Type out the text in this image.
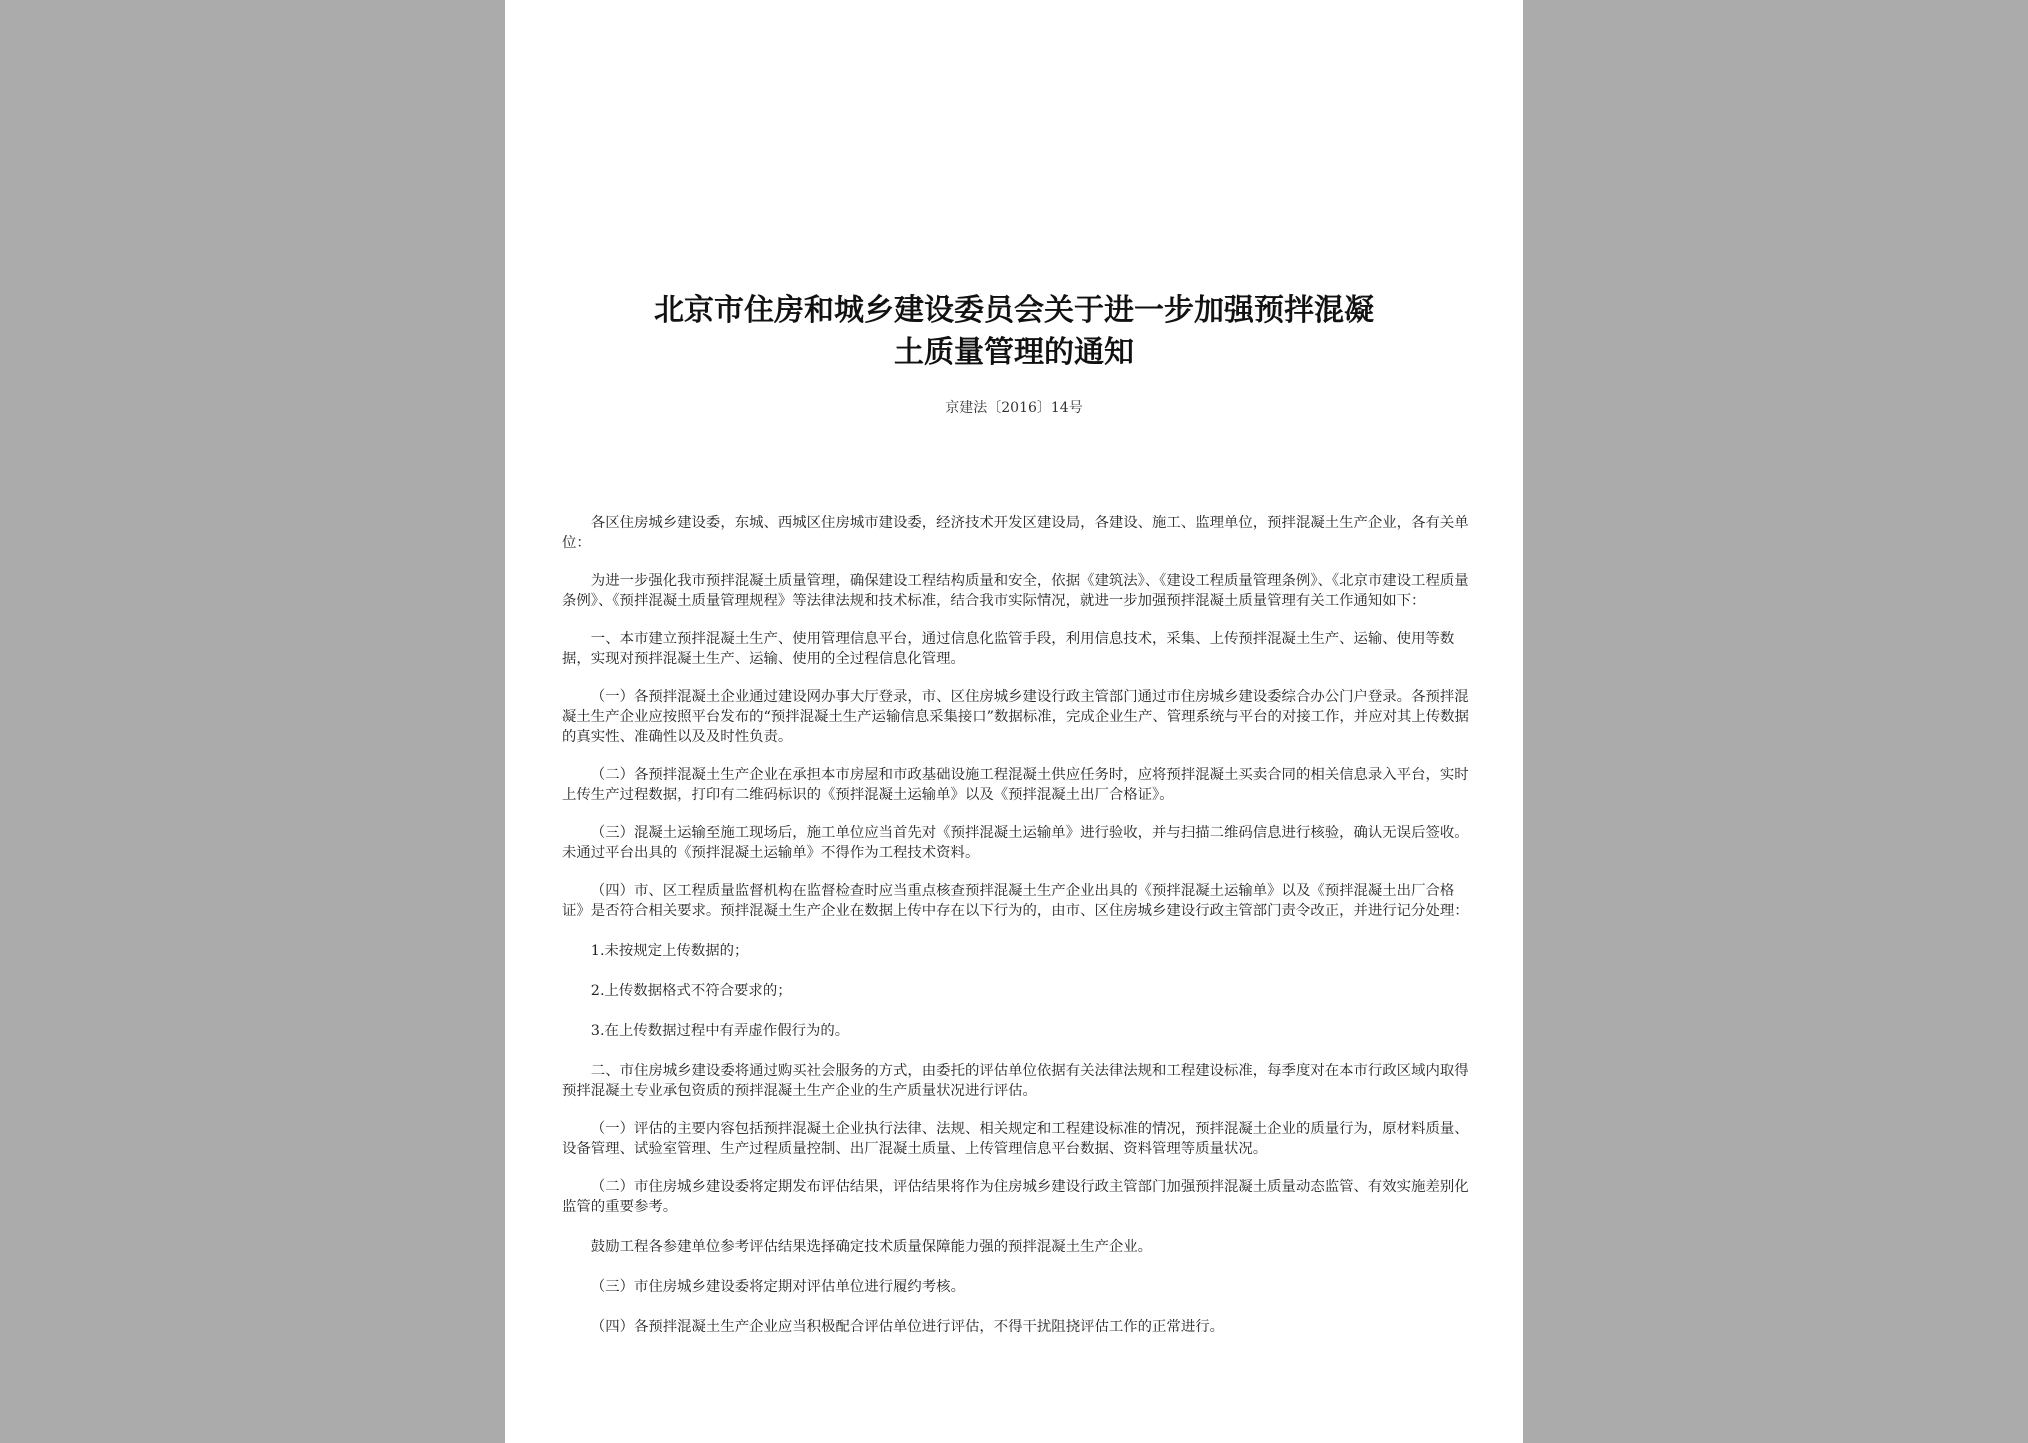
北京市住房和城乡建设委员会关于进一步加强预拌混凝
土质量管理的通知
京建法〔2016〕14号

各区住房城乡建设委，东城、西城区住房城市建设委，经济技术开发区建设局，各建设、施工、监理单位，预拌混凝土生产企业，各有关单位：

为进一步强化我市预拌混凝土质量管理，确保建设工程结构质量和安全，依据《建筑法》、《建设工程质量管理条例》、《北京市建设工程质量条例》、《预拌混凝土质量管理规程》等法律法规和技术标准，结合我市实际情况，就进一步加强预拌混凝土质量管理有关工作通知如下：

一、本市建立预拌混凝土生产、使用管理信息平台，通过信息化监管手段，利用信息技术，采集、上传预拌混凝土生产、运输、使用等数据，实现对预拌混凝土生产、运输、使用的全过程信息化管理。

（一）各预拌混凝土企业通过建设网办事大厅登录，市、区住房城乡建设行政主管部门通过市住房城乡建设委综合办公门户登录。各预拌混凝土生产企业应按照平台发布的“预拌混凝土生产运输信息采集接口”数据标准，完成企业生产、管理系统与平台的对接工作，并应对其上传数据的真实性、准确性以及及时性负责。

（二）各预拌混凝土生产企业在承担本市房屋和市政基础设施工程混凝土供应任务时，应将预拌混凝土买卖合同的相关信息录入平台，实时上传生产过程数据，打印有二维码标识的《预拌混凝土运输单》以及《预拌混凝土出厂合格证》。

（三）混凝土运输至施工现场后，施工单位应当首先对《预拌混凝土运输单》进行验收，并与扫描二维码信息进行核验，确认无误后签收。未通过平台出具的《预拌混凝土运输单》不得作为工程技术资料。

（四）市、区工程质量监督机构在监督检查时应当重点核查预拌混凝土生产企业出具的《预拌混凝土运输单》以及《预拌混凝土出厂合格证》是否符合相关要求。预拌混凝土生产企业在数据上传中存在以下行为的，由市、区住房城乡建设行政主管部门责令改正，并进行记分处理：

1.未按规定上传数据的；

2.上传数据格式不符合要求的；

3.在上传数据过程中有弄虚作假行为的。

二、市住房城乡建设委将通过购买社会服务的方式，由委托的评估单位依据有关法律法规和工程建设标准，每季度对在本市行政区域内取得预拌混凝土专业承包资质的预拌混凝土生产企业的生产质量状况进行评估。

（一）评估的主要内容包括预拌混凝土企业执行法律、法规、相关规定和工程建设标准的情况，预拌混凝土企业的质量行为，原材料质量、设备管理、试验室管理、生产过程质量控制、出厂混凝土质量、上传管理信息平台数据、资料管理等质量状况。

（二）市住房城乡建设委将定期发布评估结果，评估结果将作为住房城乡建设行政主管部门加强预拌混凝土质量动态监管、有效实施差别化监管的重要参考。

鼓励工程各参建单位参考评估结果选择确定技术质量保障能力强的预拌混凝土生产企业。

（三）市住房城乡建设委将定期对评估单位进行履约考核。

（四）各预拌混凝土生产企业应当积极配合评估单位进行评估，不得干扰阻挠评估工作的正常进行。
